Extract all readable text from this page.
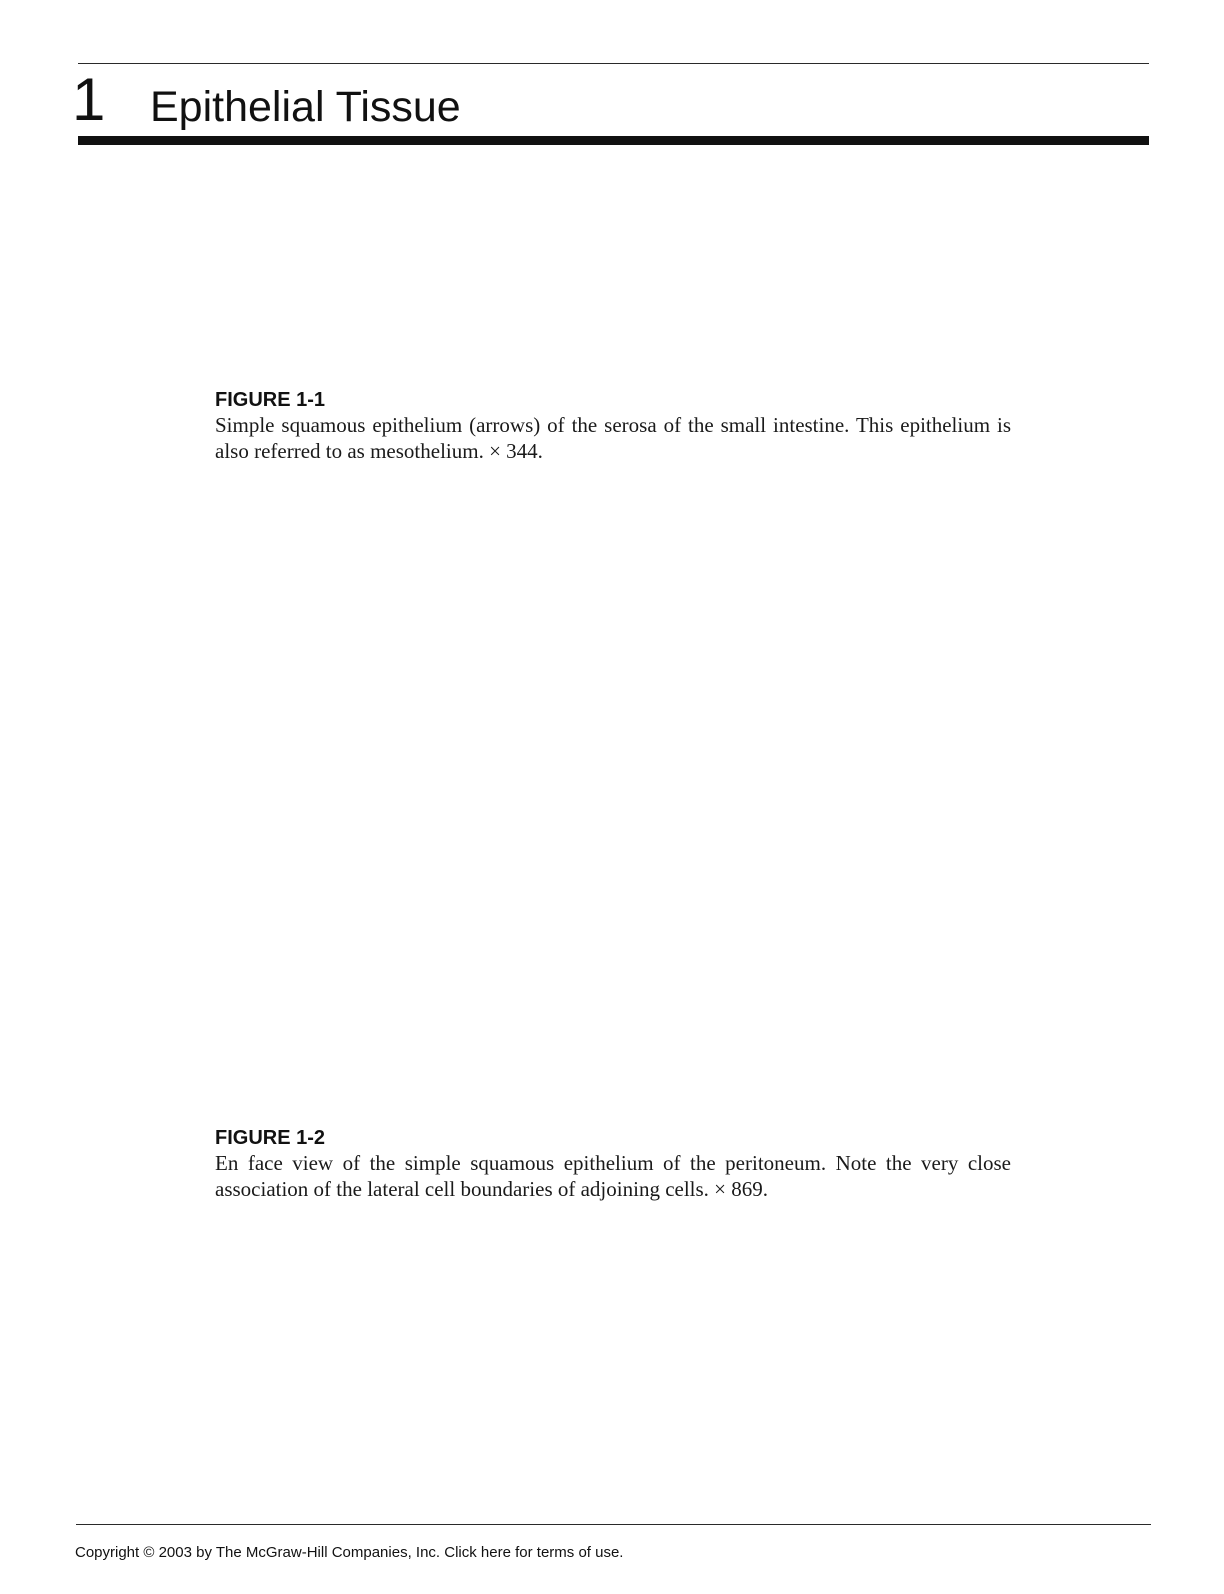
1 Epithelial Tissue

FIGURE 1-1

Simple squamous epithelium (arrows) of the serosa of the small intestine. This epithelium is also referred to as mesothelium. × 344.

FIGURE 1-2

En face view of the simple squamous epithelium of the peritoneum. Note the very close association of the lateral cell boundaries of adjoining cells. × 869.

Copyright © 2003 by The McGraw-Hill Companies, Inc. Click here for terms of use.
